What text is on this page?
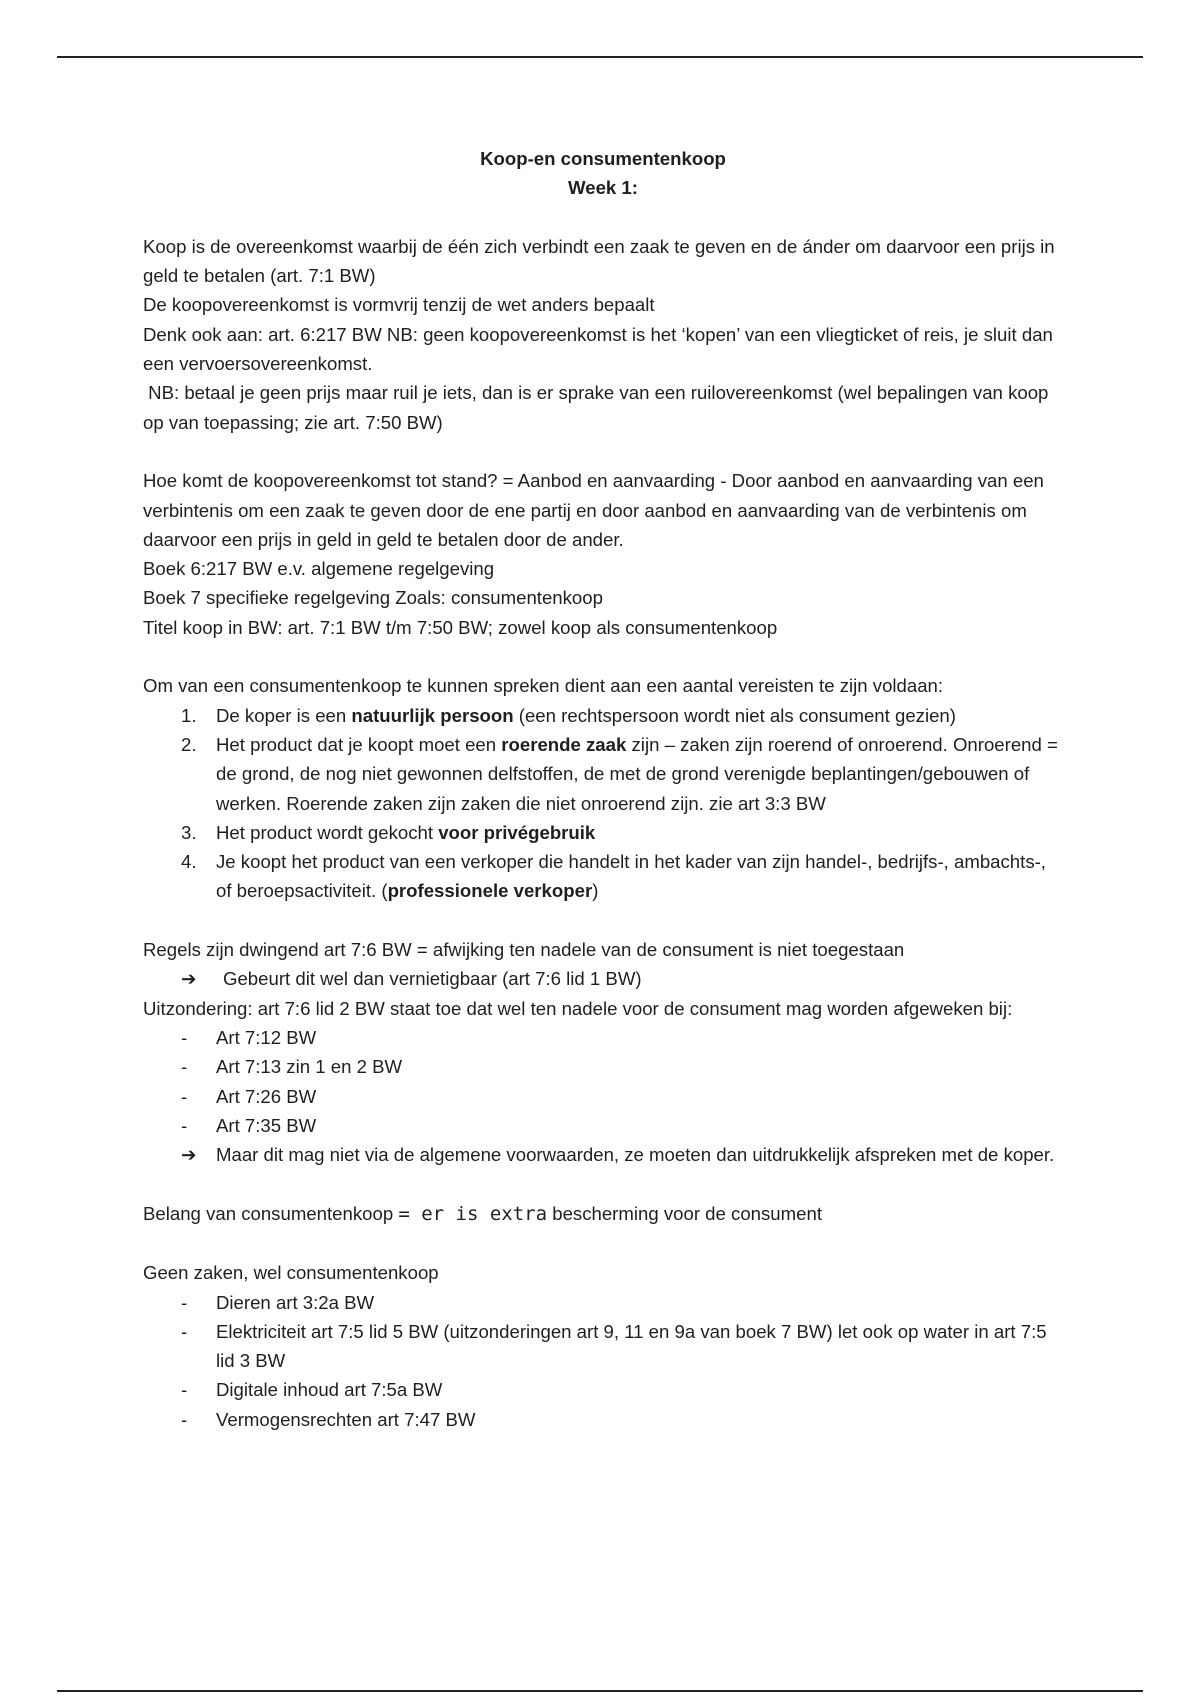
Koop-en consumentenkoop

Week 1:

Koop is de overeenkomst waarbij de één zich verbindt een zaak te geven en de ánder om daarvoor een prijs in geld te betalen (art. 7:1 BW)

De koopovereenkomst is vormvrij tenzij de wet anders bepaalt

Denk ook aan: art. 6:217 BW NB: geen koopovereenkomst is het ‘kopen’ van een vliegticket of reis, je sluit dan een vervoersovereenkomst.

NB: betaal je geen prijs maar ruil je iets, dan is er sprake van een ruilovereenkomst (wel bepalingen van koop op van toepassing; zie art. 7:50 BW)

Hoe komt de koopovereenkomst tot stand? = Aanbod en aanvaarding - Door aanbod en aanvaarding van een verbintenis om een zaak te geven door de ene partij en door aanbod en aanvaarding van de verbintenis om daarvoor een prijs in geld in geld te betalen door de ander.

Boek 6:217 BW e.v. algemene regelgeving

Boek 7 specifieke regelgeving Zoals: consumentenkoop

Titel koop in BW: art. 7:1 BW t/m 7:50 BW; zowel koop als consumentenkoop

Om van een consumentenkoop te kunnen spreken dient aan een aantal vereisten te zijn voldaan:

1. De koper is een natuurlijk persoon (een rechtspersoon wordt niet als consument gezien)
2. Het product dat je koopt moet een roerende zaak zijn – zaken zijn roerend of onroerend. Onroerend = de grond, de nog niet gewonnen delfstoffen, de met de grond verenigde beplantingen/gebouwen of werken. Roerende zaken zijn zaken die niet onroerend zijn. zie art 3:3 BW
3. Het product wordt gekocht voor privégebruik
4. Je koopt het product van een verkoper die handelt in het kader van zijn handel-, bedrijfs-, ambachts-, of beroepsactiviteit. (professionele verkoper)

Regels zijn dwingend art 7:6 BW = afwijking ten nadele van de consument is niet toegestaan

➔ Gebeurt dit wel dan vernietigbaar (art 7:6 lid 1 BW)

Uitzondering: art 7:6 lid 2 BW staat toe dat wel ten nadele voor de consument mag worden afgeweken bij:

- Art 7:12 BW
- Art 7:13 zin 1 en 2 BW
- Art 7:26 BW
- Art 7:35 BW
➔ Maar dit mag niet via de algemene voorwaarden, ze moeten dan uitdrukkelijk afspreken met de koper.

Belang van consumentenkoop = er is extra bescherming voor de consument

Geen zaken, wel consumentenkoop

- Dieren art 3:2a BW
- Elektriciteit art 7:5 lid 5 BW (uitzonderingen art 9, 11 en 9a van boek 7 BW) let ook op water in art 7:5 lid 3 BW
- Digitale inhoud art 7:5a BW
- Vermogensrechten art 7:47 BW
